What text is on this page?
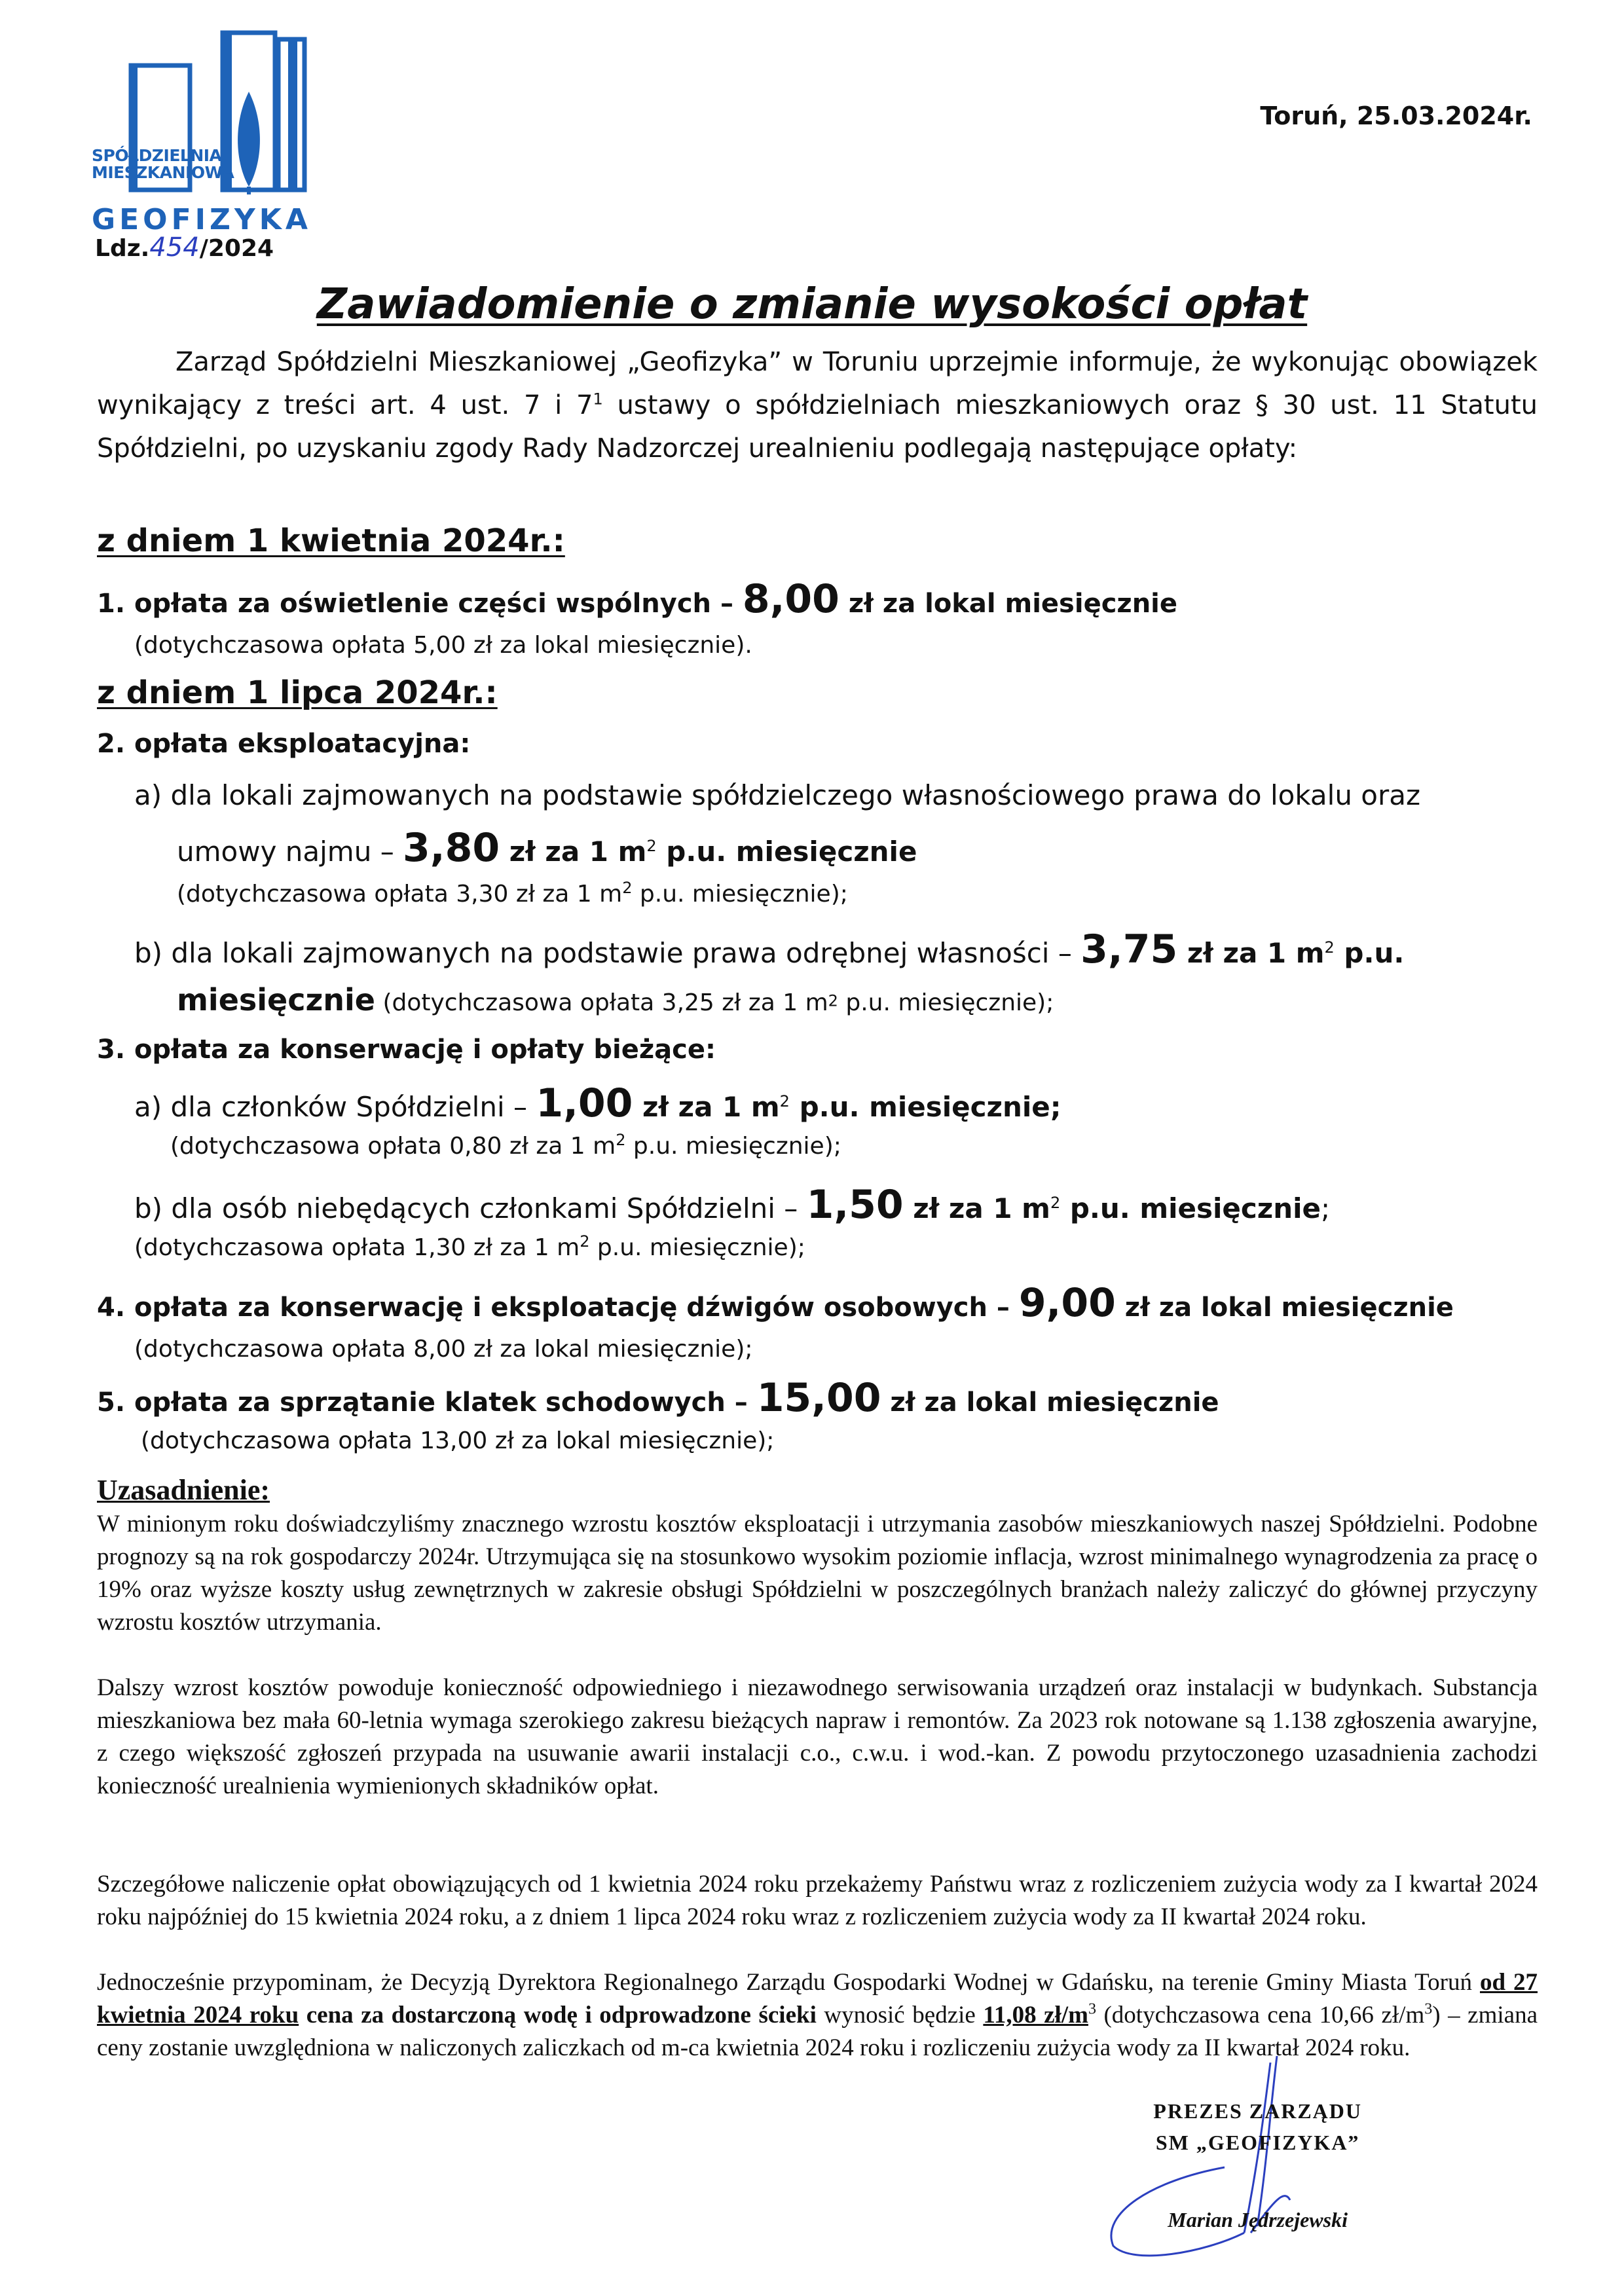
SPÓŁDZIELNIA
MIESZKANIOWA
GEOFIZYKA
Toruń, 25.03.2024r.
Ldz.454/2024
Zawiadomienie o zmianie wysokości opłat
Zarząd Spółdzielni Mieszkaniowej „Geofizyka” w Toruniu uprzejmie informuje, że wykonując obowiązek wynikający z treści art. 4 ust. 7 i $7^1$ ustawy o spółdzielniach mieszkaniowych oraz § 30 ust. 11 Statutu Spółdzielni, po uzyskaniu zgody Rady Nadzorczej urealnieniu podlegają następujące opłaty:
z dniem 1 kwietnia 2024r.:
1. opłata za oświetlenie części wspólnych – 8,00 zł za lokal miesięcznie
(dotychczasowa opłata 5,00 zł za lokal miesięcznie).
z dniem 1 lipca 2024r.:
2. opłata eksploatacyjna:
a) dla lokali zajmowanych na podstawie spółdzielczego własnościowego prawa do lokalu oraz
umowy najmu – 3,80 zł za 1 $m^2$ p.u. miesięcznie
(dotychczasowa opłata 3,30 zł za 1 $m^2$ p.u. miesięcznie);
b) dla lokali zajmowanych na podstawie prawa odrębnej własności – 3,75 zł za 1 $m^2$ p.u.
miesięcznie (dotychczasowa opłata 3,25 zł za 1 $m^2$ p.u. miesięcznie);
3. opłata za konserwację i opłaty bieżące:
a) dla członków Spółdzielni – 1,00 zł za 1 $m^2$ p.u. miesięcznie;
(dotychczasowa opłata 0,80 zł za 1 $m^2$ p.u. miesięcznie);
b) dla osób niebędących członkami Spółdzielni – 1,50 zł za 1 $m^2$ p.u. miesięcznie;
(dotychczasowa opłata 1,30 zł za 1 $m^2$ p.u. miesięcznie);
4. opłata za konserwację i eksploatację dźwigów osobowych – 9,00 zł za lokal miesięcznie
(dotychczasowa opłata 8,00 zł za lokal miesięcznie);
5. opłata za sprzątanie klatek schodowych – 15,00 zł za lokal miesięcznie
(dotychczasowa opłata 13,00 zł za lokal miesięcznie);
Uzasadnienie:
W minionym roku doświadczyliśmy znacznego wzrostu kosztów eksploatacji i utrzymania zasobów mieszkaniowych naszej Spółdzielni. Podobne prognozy są na rok gospodarczy 2024r. Utrzymująca się na stosunkowo wysokim poziomie inflacja, wzrost minimalnego wynagrodzenia za pracę o 19% oraz wyższe koszty usług zewnętrznych w zakresie obsługi Spółdzielni w poszczególnych branżach należy zaliczyć do głównej przyczyny wzrostu kosztów utrzymania.
Dalszy wzrost kosztów powoduje konieczność odpowiedniego i niezawodnego serwisowania urządzeń oraz instalacji w budynkach. Substancja mieszkaniowa bez mała 60-letnia wymaga szerokiego zakresu bieżących napraw i remontów. Za 2023 rok notowane są 1.138 zgłoszenia awaryjne, z czego większość zgłoszeń przypada na usuwanie awarii instalacji c.o., c.w.u. i wod.-kan. Z powodu przytoczonego uzasadnienia zachodzi konieczność urealnienia wymienionych składników opłat.
Szczegółowe naliczenie opłat obowiązujących od 1 kwietnia 2024 roku przekażemy Państwu wraz z rozliczeniem zużycia wody za I kwartał 2024 roku najpóźniej do 15 kwietnia 2024 roku, a z dniem 1 lipca 2024 roku wraz z rozliczeniem zużycia wody za II kwartał 2024 roku.
Jednocześnie przypominam, że Decyzją Dyrektora Regionalnego Zarządu Gospodarki Wodnej w Gdańsku, na terenie Gminy Miasta Toruń od 27 kwietnia 2024 roku cena za dostarczoną wodę i odprowadzone ścieki wynosić będzie 11,08 $zł/m^3$ (dotychczasowa cena 10,66 $zł/m^3$) – zmiana ceny zostanie uwzględniona w naliczonych zaliczkach od m-ca kwietnia 2024 roku i rozliczeniu zużycia wody za II kwartał 2024 roku.
PREZES ZARZĄDU
SM „GEOFIZYKA”
Marian Jędrzejewski
